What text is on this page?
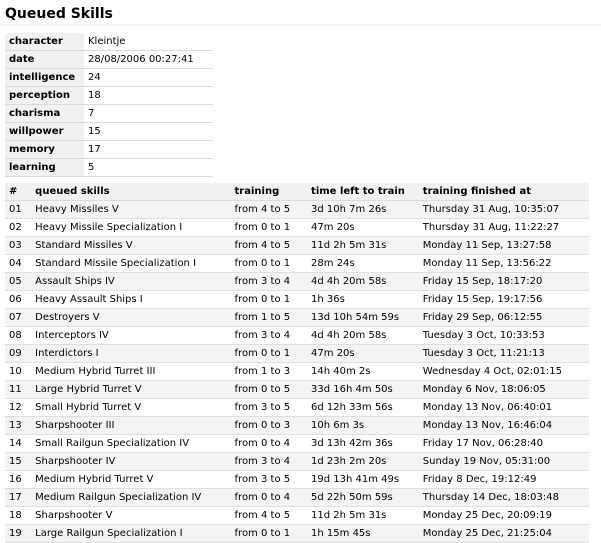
Queued Skills
character	Kleintje
date	28/08/2006 00:27:41
intelligence	24
perception	18
charisma	7
willpower	15
memory	17
learning	5
#	queued skills	training	time left to train	training finished at
01	Heavy Missiles V	from 4 to 5	3d 10h 7m 26s	Thursday 31 Aug, 10:35:07
02	Heavy Missile Specialization I	from 0 to 1	47m 20s	Thursday 31 Aug, 11:22:27
03	Standard Missiles V	from 4 to 5	11d 2h 5m 31s	Monday 11 Sep, 13:27:58
04	Standard Missile Specialization I	from 0 to 1	28m 24s	Monday 11 Sep, 13:56:22
05	Assault Ships IV	from 3 to 4	4d 4h 20m 58s	Friday 15 Sep, 18:17:20
06	Heavy Assault Ships I	from 0 to 1	1h 36s	Friday 15 Sep, 19:17:56
07	Destroyers V	from 1 to 5	13d 10h 54m 59s	Friday 29 Sep, 06:12:55
08	Interceptors IV	from 3 to 4	4d 4h 20m 58s	Tuesday 3 Oct, 10:33:53
09	Interdictors I	from 0 to 1	47m 20s	Tuesday 3 Oct, 11:21:13
10	Medium Hybrid Turret III	from 1 to 3	14h 40m 2s	Wednesday 4 Oct, 02:01:15
11	Large Hybrid Turret V	from 0 to 5	33d 16h 4m 50s	Monday 6 Nov, 18:06:05
12	Small Hybrid Turret V	from 3 to 5	6d 12h 33m 56s	Monday 13 Nov, 06:40:01
13	Sharpshooter III	from 0 to 3	10h 6m 3s	Monday 13 Nov, 16:46:04
14	Small Railgun Specialization IV	from 0 to 4	3d 13h 42m 36s	Friday 17 Nov, 06:28:40
15	Sharpshooter IV	from 3 to 4	1d 23h 2m 20s	Sunday 19 Nov, 05:31:00
16	Medium Hybrid Turret V	from 3 to 5	19d 13h 41m 49s	Friday 8 Dec, 19:12:49
17	Medium Railgun Specialization IV	from 0 to 4	5d 22h 50m 59s	Thursday 14 Dec, 18:03:48
18	Sharpshooter V	from 4 to 5	11d 2h 5m 31s	Monday 25 Dec, 20:09:19
19	Large Railgun Specialization I	from 0 to 1	1h 15m 45s	Monday 25 Dec, 21:25:04
